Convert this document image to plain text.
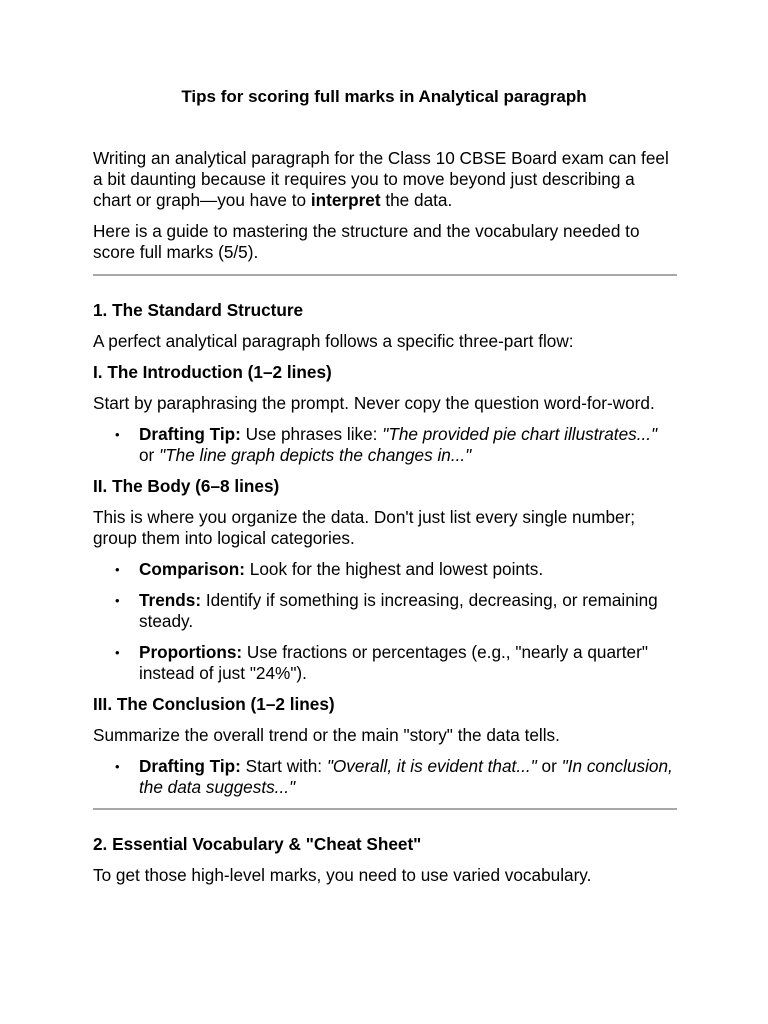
Tips for scoring full marks in Analytical paragraph

Writing an analytical paragraph for the Class 10 CBSE Board exam can feel a bit daunting because it requires you to move beyond just describing a chart or graph—you have to interpret the data.

Here is a guide to mastering the structure and the vocabulary needed to score full marks (5/5).

1. The Standard Structure

A perfect analytical paragraph follows a specific three-part flow:

I. The Introduction (1–2 lines)

Start by paraphrasing the prompt. Never copy the question word-for-word.

• Drafting Tip: Use phrases like: "The provided pie chart illustrates..." or "The line graph depicts the changes in..."
II. The Body (6–8 lines)

This is where you organize the data. Don't just list every single number; group them into logical categories.

• Comparison: Look for the highest and lowest points.
• Trends: Identify if something is increasing, decreasing, or remaining steady.
• Proportions: Use fractions or percentages (e.g., "nearly a quarter" instead of just "24%").
III. The Conclusion (1–2 lines)

Summarize the overall trend or the main "story" the data tells.

• Drafting Tip: Start with: "Overall, it is evident that..." or "In conclusion, the data suggests..."
2. Essential Vocabulary & "Cheat Sheet"

To get those high-level marks, you need to use varied vocabulary.
